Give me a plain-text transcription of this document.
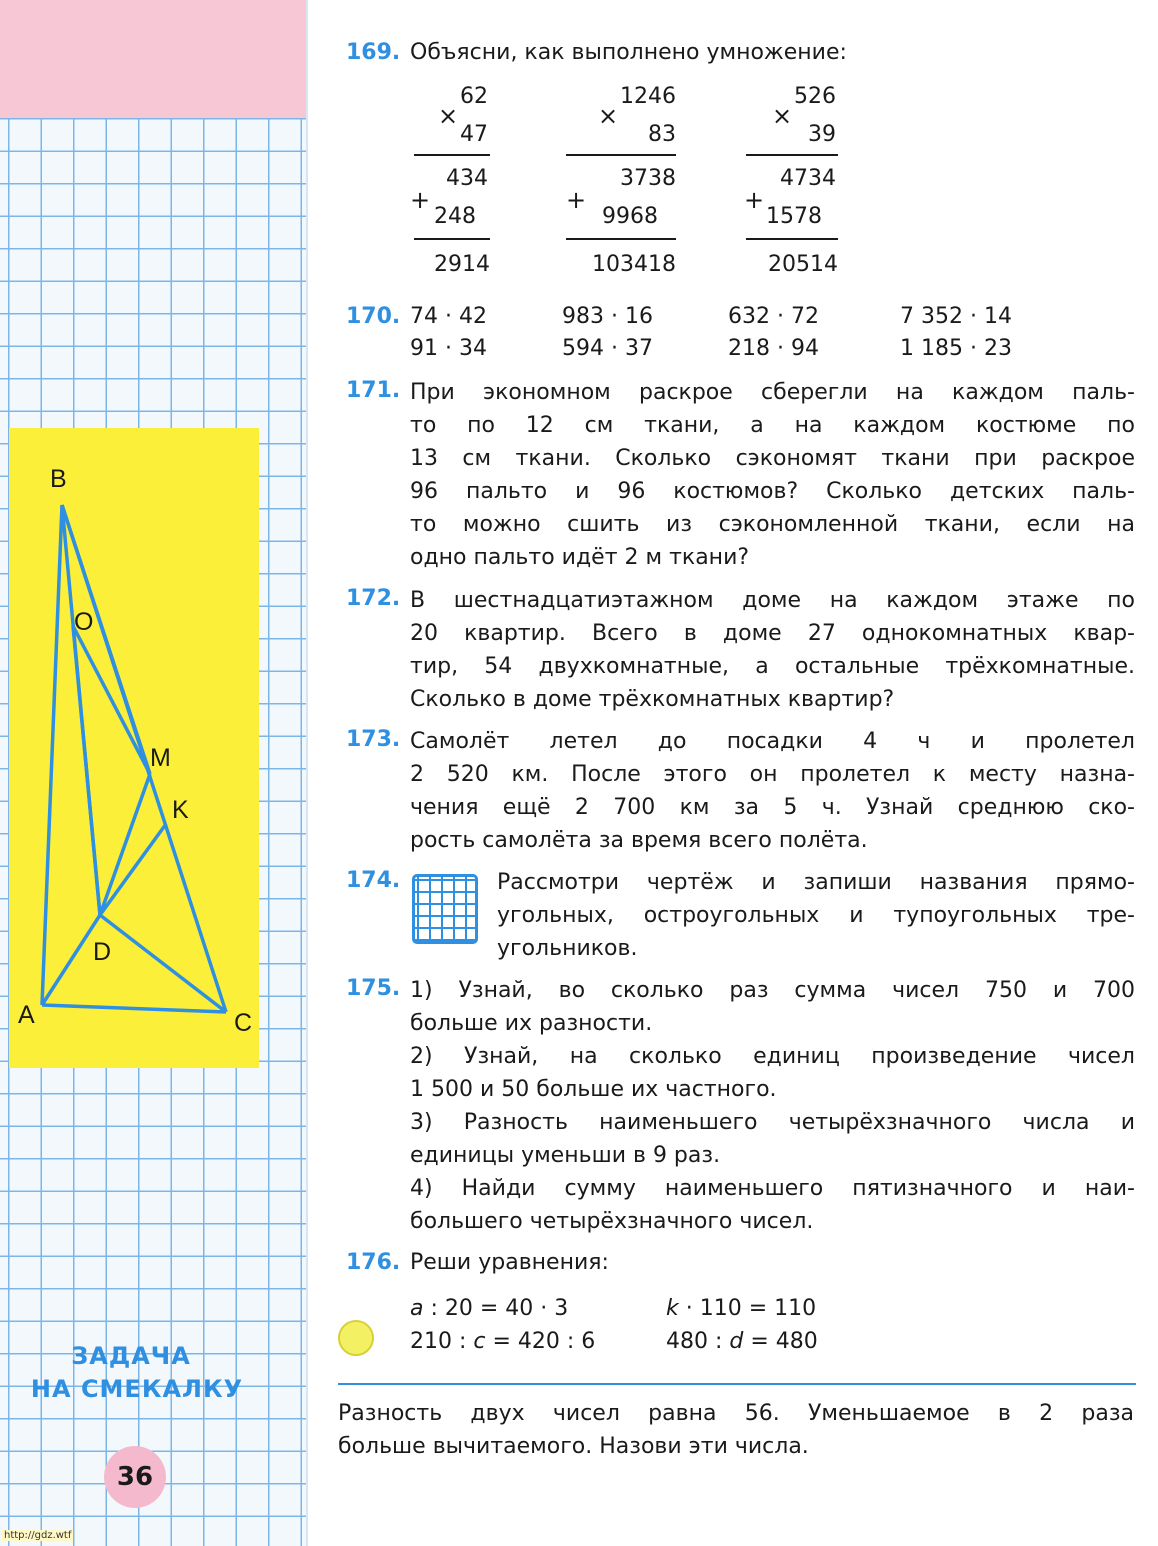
B
O
M
K
D
A	C
ЗАДАЧА
НА СМЕКАЛКУ
36
http://gdz.wtf
169. Объясни, как выполнено умножение:
62
×
47
434
+
248
2914
1246
×
83
3738
+
9968
103418
526
×
39
4734
+
1578
20514
170. 74 · 42	983 · 16	632 · 72	7 352 · 14
91 · 34	594 · 37	218 · 94	1 185 · 23
171. При экономном раскрое сберегли на каждом паль-
то по 12 см ткани, а на каждом костюме по
13 см ткани. Сколько сэкономят ткани при раскрое
96 пальто и 96 костюмов? Сколько детских паль-
то можно сшить из сэкономленной ткани, если на
одно пальто идёт 2 м ткани?
172. В шестнадцатиэтажном доме на каждом этаже по
20 квартир. Всего в доме 27 однокомнатных квар-
тир, 54 двухкомнатные, а остальные трёхкомнатные.
Сколько в доме трёхкомнатных квартир?
173. Самолёт летел до посадки 4 ч и пролетел
2 520 км. После этого он пролетел к месту назна-
чения ещё 2 700 км за 5 ч. Узнай среднюю ско-
рость самолёта за время всего полёта.
174.	Рассмотри чертёж и запиши названия прямо-
угольных, остроугольных и тупоугольных тре-
угольников.
175. 1) Узнай, во сколько раз сумма чисел 750 и 700
больше их разности.
2) Узнай, на сколько единиц произведение чисел
1 500 и 50 больше их частного.
3) Разность наименьшего четырёхзначного числа и
единицы уменьши в 9 раз.
4) Найди сумму наименьшего пятизначного и наи-
большего четырёхзначного чисел.
176. Реши уравнения:
a : 20 = 40 · 3	k · 110 = 110
210 : c = 420 : 6	480 : d = 480
Разность двух чисел равна 56. Уменьшаемое в 2 раза
больше вычитаемого. Назови эти числа.
